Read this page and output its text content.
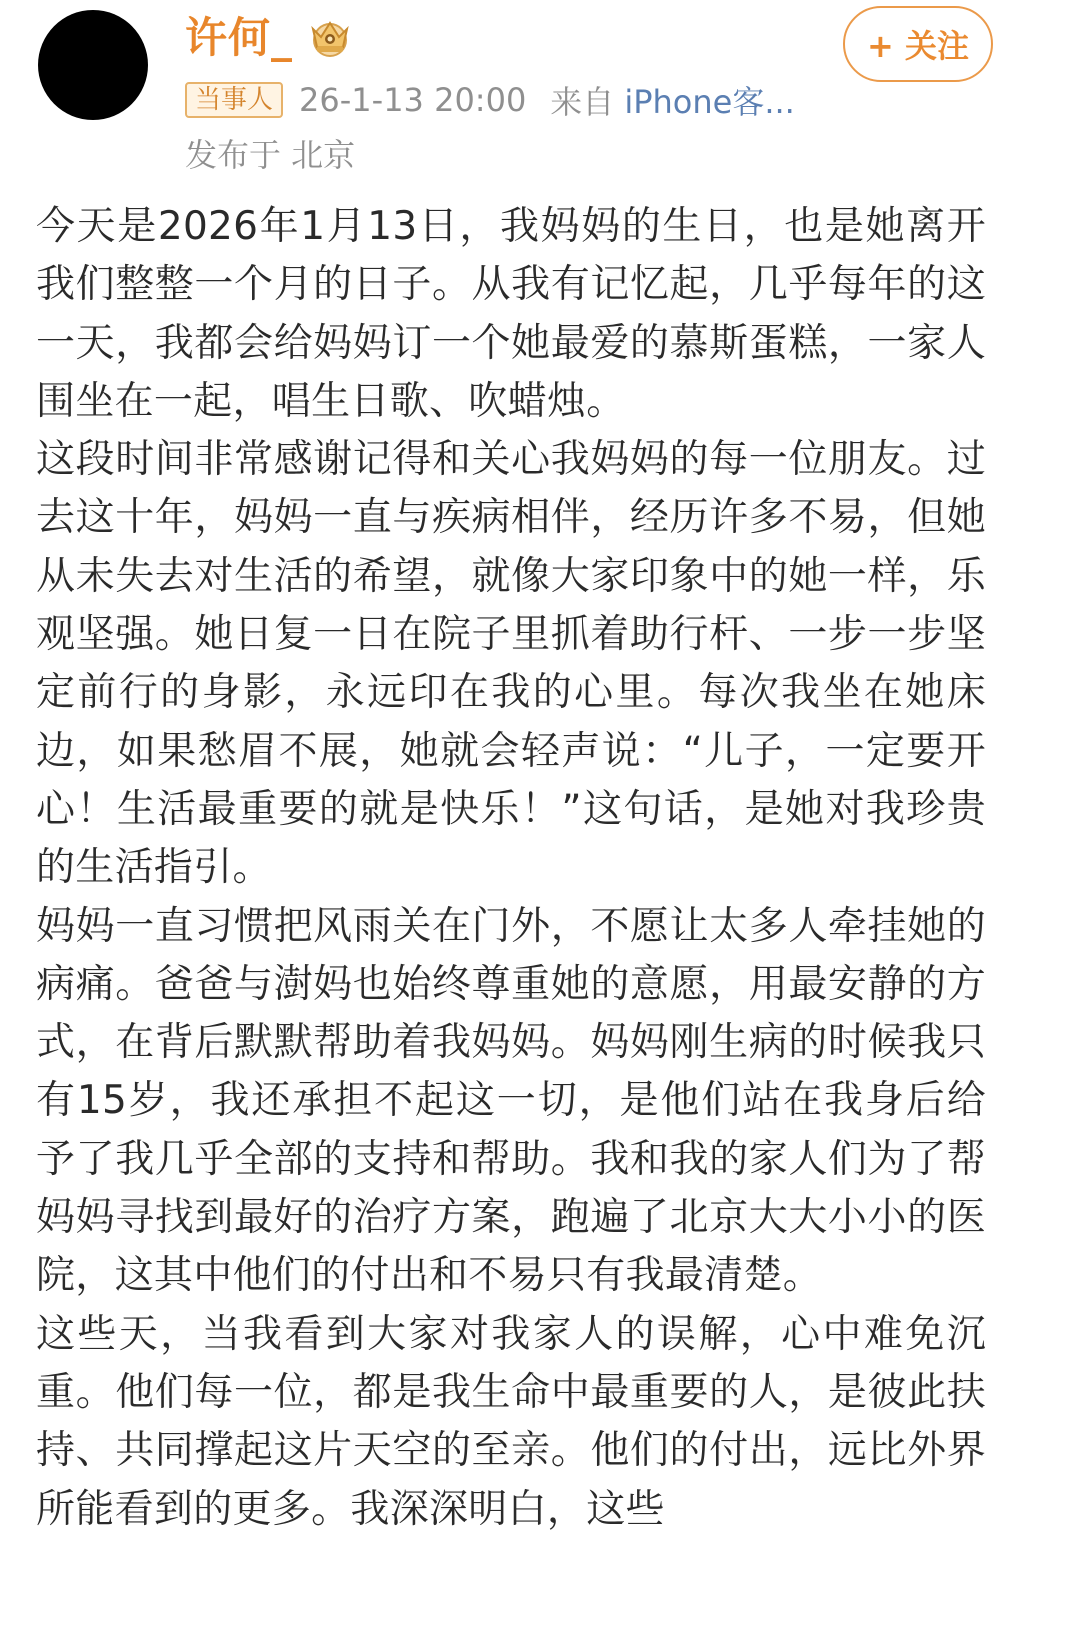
许何_
当事人 26-1-13 20:00 来自 iPhone客...
发布于 北京
+ 关注

今天是2026年1月13日，我妈妈的生日，也是她离开我们整整一个月的日子。从我有记忆起，几乎每年的这一天，我都会给妈妈订一个她最爱的慕斯蛋糕，一家人围坐在一起，唱生日歌、吹蜡烛。

这段时间非常感谢记得和关心我妈妈的每一位朋友。过去这十年，妈妈一直与疾病相伴，经历许多不易，但她从未失去对生活的希望，就像大家印象中的她一样，乐观坚强。她日复一日在院子里抓着助行杆、一步一步坚定前行的身影，永远印在我的心里。每次我坐在她床边，如果愁眉不展，她就会轻声说：“儿子，一定要开心！生活最重要的就是快乐！”这句话，是她对我珍贵的生活指引。

妈妈一直习惯把风雨关在门外，不愿让太多人牵挂她的病痛。爸爸与澍妈也始终尊重她的意愿，用最安静的方式，在背后默默帮助着我妈妈。妈妈刚生病的时候我只有15岁，我还承担不起这一切，是他们站在我身后给予了我几乎全部的支持和帮助。我和我的家人们为了帮妈妈寻找到最好的治疗方案，跑遍了北京大大小小的医院，这其中他们的付出和不易只有我最清楚。

这些天，当我看到大家对我家人的误解，心中难免沉重。他们每一位，都是我生命中最重要的人，是彼此扶持、共同撑起这片天空的至亲。他们的付出，远比外界所能看到的更多。我深深明白，这些
